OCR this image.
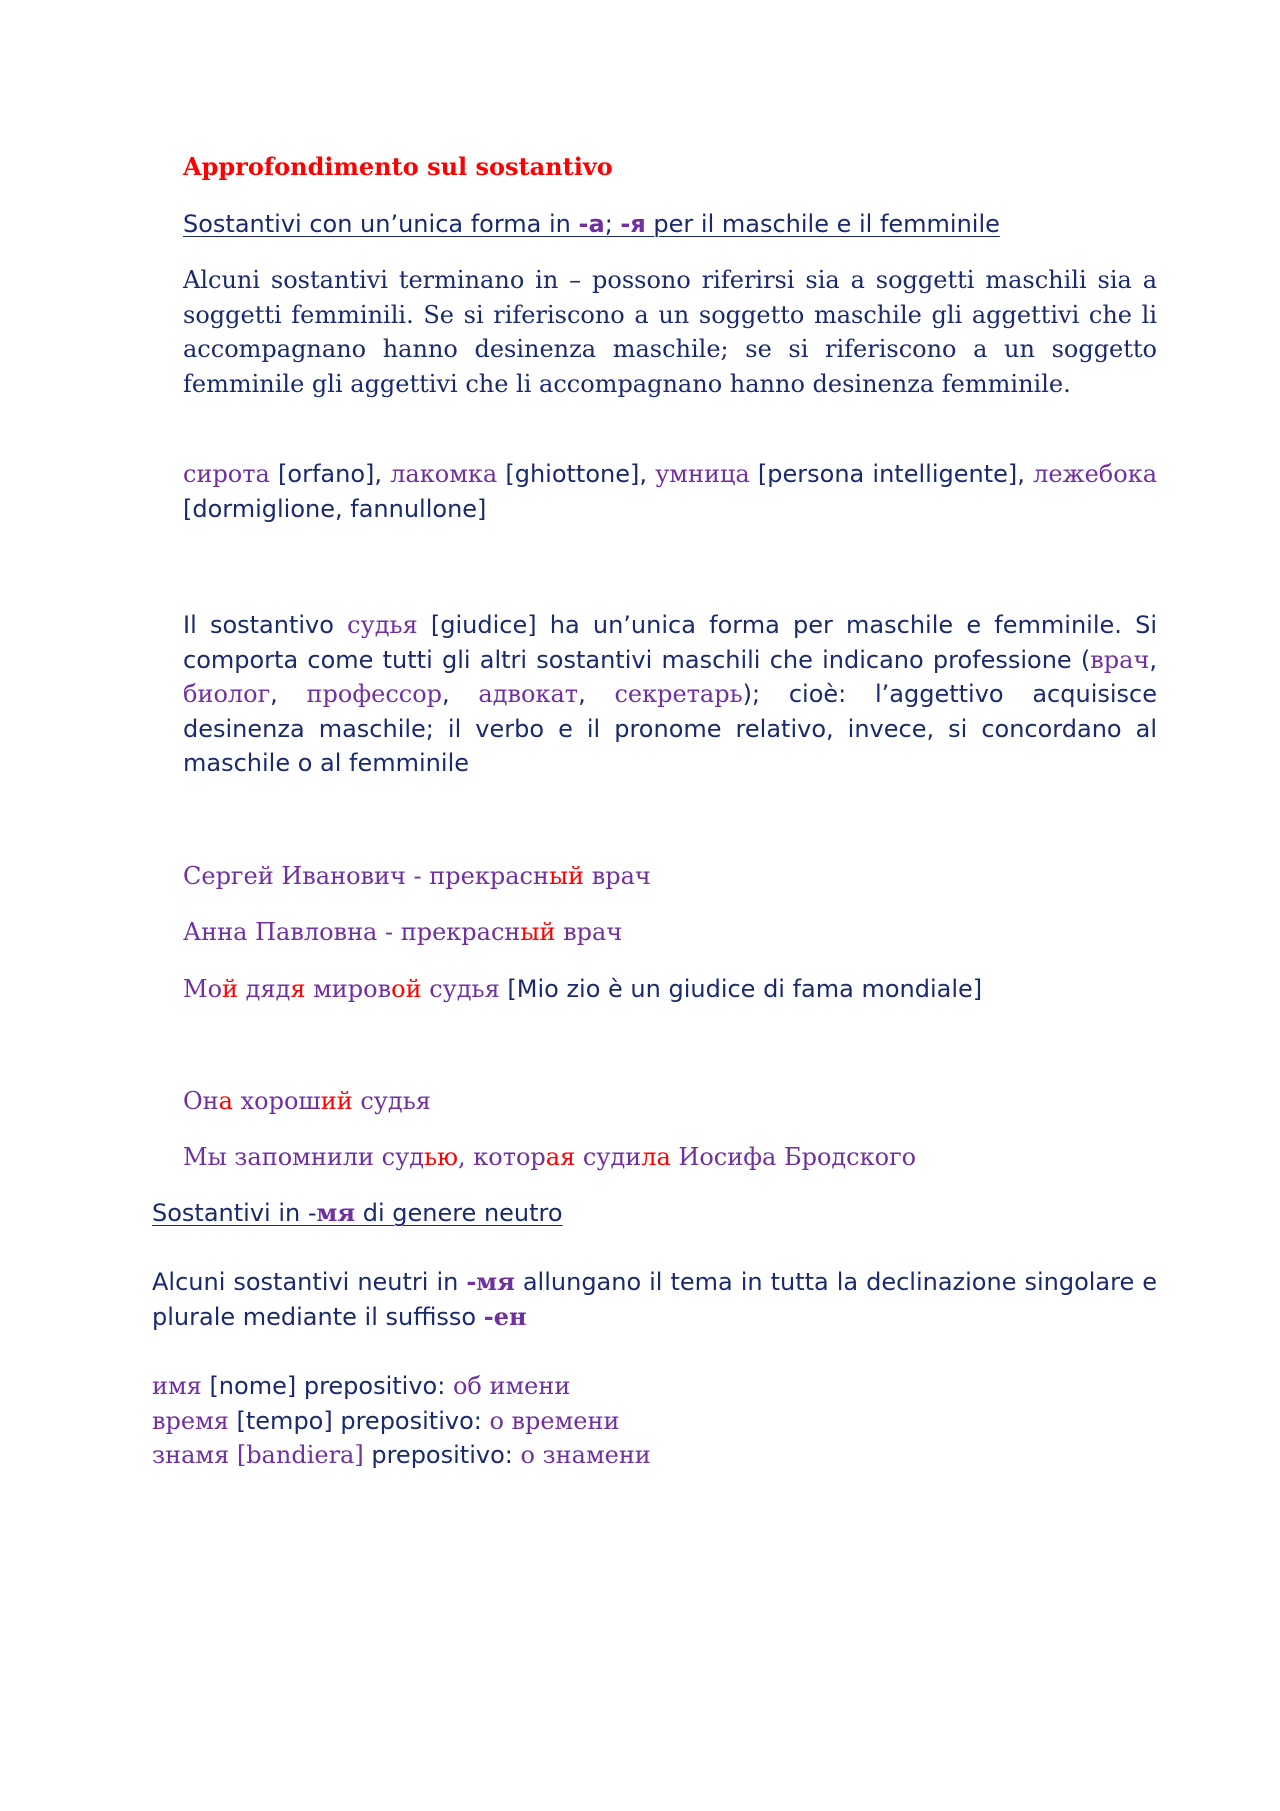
Approfondimento sul sostantivo
Sostantivi con un’unica forma in -а; -я per il maschile e il femminile

Alcuni sostantivi terminano in – possono riferirsi sia a soggetti maschili sia a soggetti femminili. Se si riferiscono a un soggetto maschile gli aggettivi che li accompagnano hanno desinenza maschile; se si riferiscono a un soggetto femminile gli aggettivi che li accompagnano hanno desinenza femminile.

сирота [orfano], лакомка [ghiottone], умница [persona intelligente], лежебока [dormiglione, fannullone]

Il sostantivo судья [giudice] ha un’unica forma per maschile e femminile. Si comporta come tutti gli altri sostantivi maschili che indicano professione (врач, биолог, професcор, адвокат, секретарь); cioè: l’aggettivo acquisisce desinenza maschile; il verbo e il pronome relativo, invece, si concordano al maschile o al femminile

Сергей Иванович - прекрасный врач
Анна Павловна - прекрасный врач
Мой дядя мировой судья [Mio zio è un giudice di fama mondiale]
Она хороший судья
Мы запомнили судью, которая судила Иосифа Бродского
Sostantivi in -мя di genere neutro

Alcuni sostantivi neutri in -мя allungano il tema in tutta la declinazione singolare e plurale mediante il suffisso -ен

имя [nome] prepositivo: об имени
время [tempo] prepositivo: о времени
знамя [bandiera] prepositivo: о знамени
